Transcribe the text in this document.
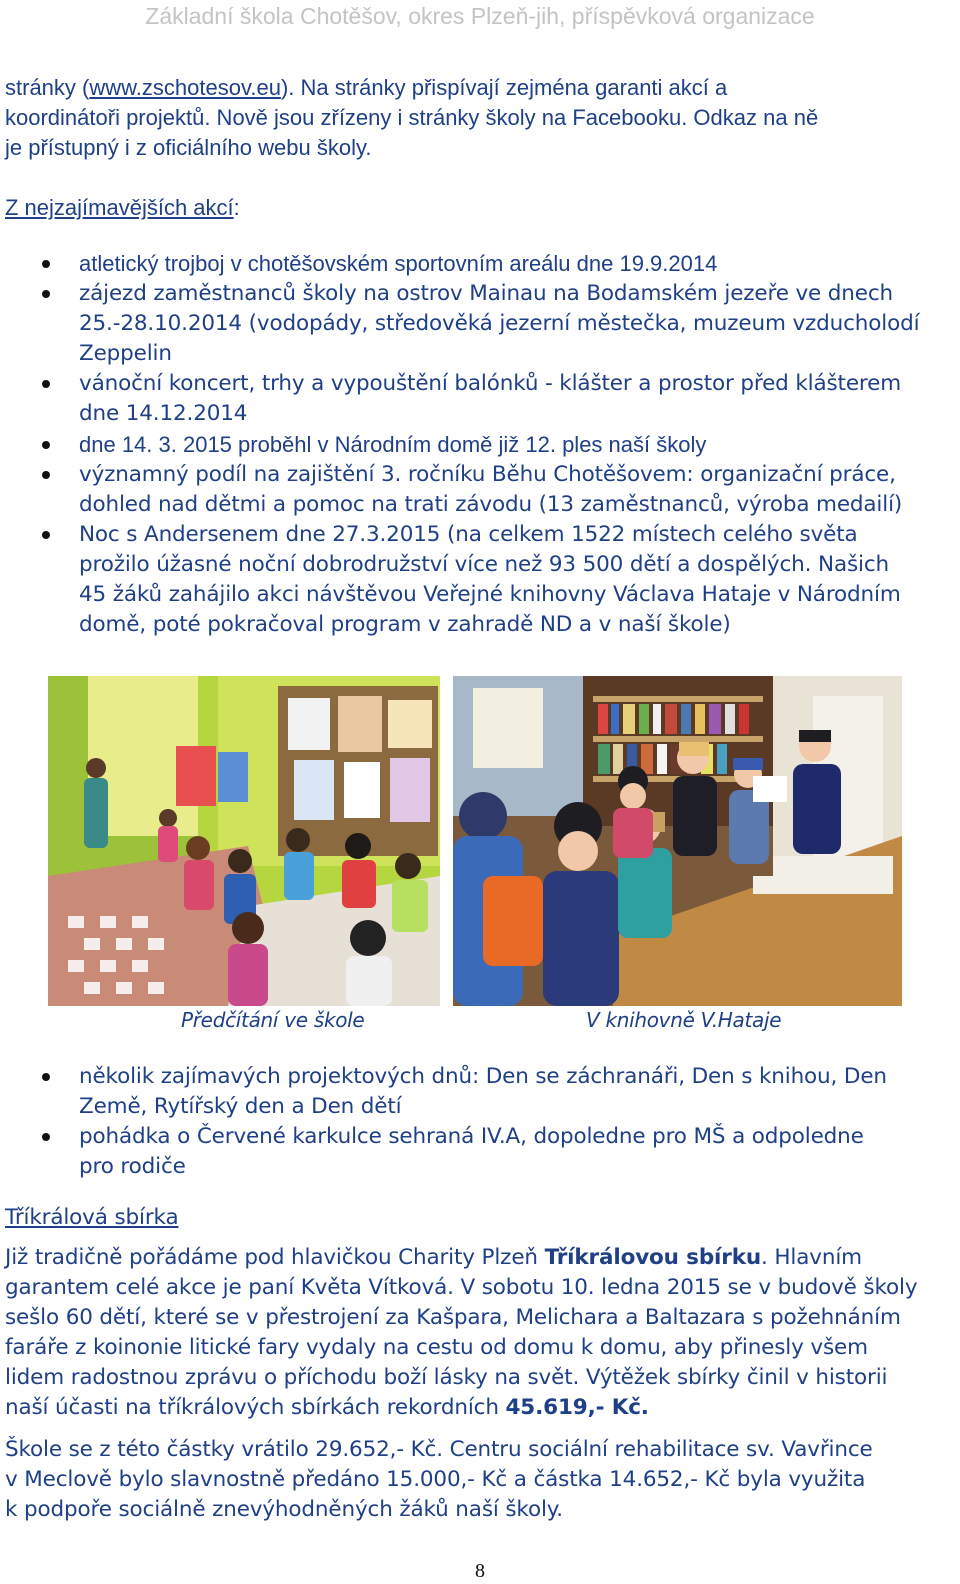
Základní škola Chotěšov, okres Plzeň-jih, příspěvková organizace
stránky (www.zschotesov.eu). Na stránky přispívají zejména garanti akcí a
koordinátoři projektů. Nově jsou zřízeny i stránky školy na Facebooku. Odkaz na ně
je přístupný i z oficiálního webu školy.
Z nejzajímavějších akcí:
atletický trojboj v chotěšovském sportovním areálu dne 19.9.2014
zájezd zaměstnanců školy na ostrov Mainau na Bodamském jezeře ve dnech
25.-28.10.2014 (vodopády, středověká jezerní městečka, muzeum vzducholodí
Zeppelin
vánoční koncert, trhy a vypouštění balónků - klášter a prostor před klášterem
dne 14.12.2014
dne 14. 3. 2015 proběhl v Národním domě již 12. ples naší školy
významný podíl na zajištění 3. ročníku Běhu Chotěšovem: organizační práce,
dohled nad dětmi a pomoc na trati závodu (13 zaměstnanců, výroba medailí)
Noc s Andersenem dne 27.3.2015 (na celkem 1522 místech celého světa
prožilo úžasné noční dobrodružství více než 93 500 dětí a dospělých. Našich
45 žáků zahájilo akci návštěvou Veřejné knihovny Václava Hataje v Národním
domě, poté pokračoval program v zahradě ND a v naší škole)
Předčítání ve škole	V knihovně V.Hataje
několik zajímavých projektových dnů: Den se záchranáři, Den s knihou, Den
Země, Rytířský den a Den dětí
pohádka o Červené karkulce sehraná IV.A, dopoledne pro MŠ a odpoledne
pro rodiče
Tříkrálová sbírka
Již tradičně pořádáme pod hlavičkou Charity Plzeň Tříkrálovou sbírku. Hlavním
garantem celé akce je paní Květa Vítková. V sobotu 10. ledna 2015 se v budově školy
sešlo 60 dětí, které se v přestrojení za Kašpara, Melichara a Baltazara s požehnáním
faráře z koinonie litické fary vydaly na cestu od domu k domu, aby přinesly všem
lidem radostnou zprávu o příchodu boží lásky na svět. Výtěžek sbírky činil v historii
naší účasti na tříkrálových sbírkách rekordních 45.619,- Kč.
Škole se z této částky vrátilo 29.652,- Kč. Centru sociální rehabilitace sv. Vavřince
v Meclově bylo slavnostně předáno 15.000,- Kč a částka 14.652,- Kč byla využita
k podpoře sociálně znevýhodněných žáků naší školy.
8
